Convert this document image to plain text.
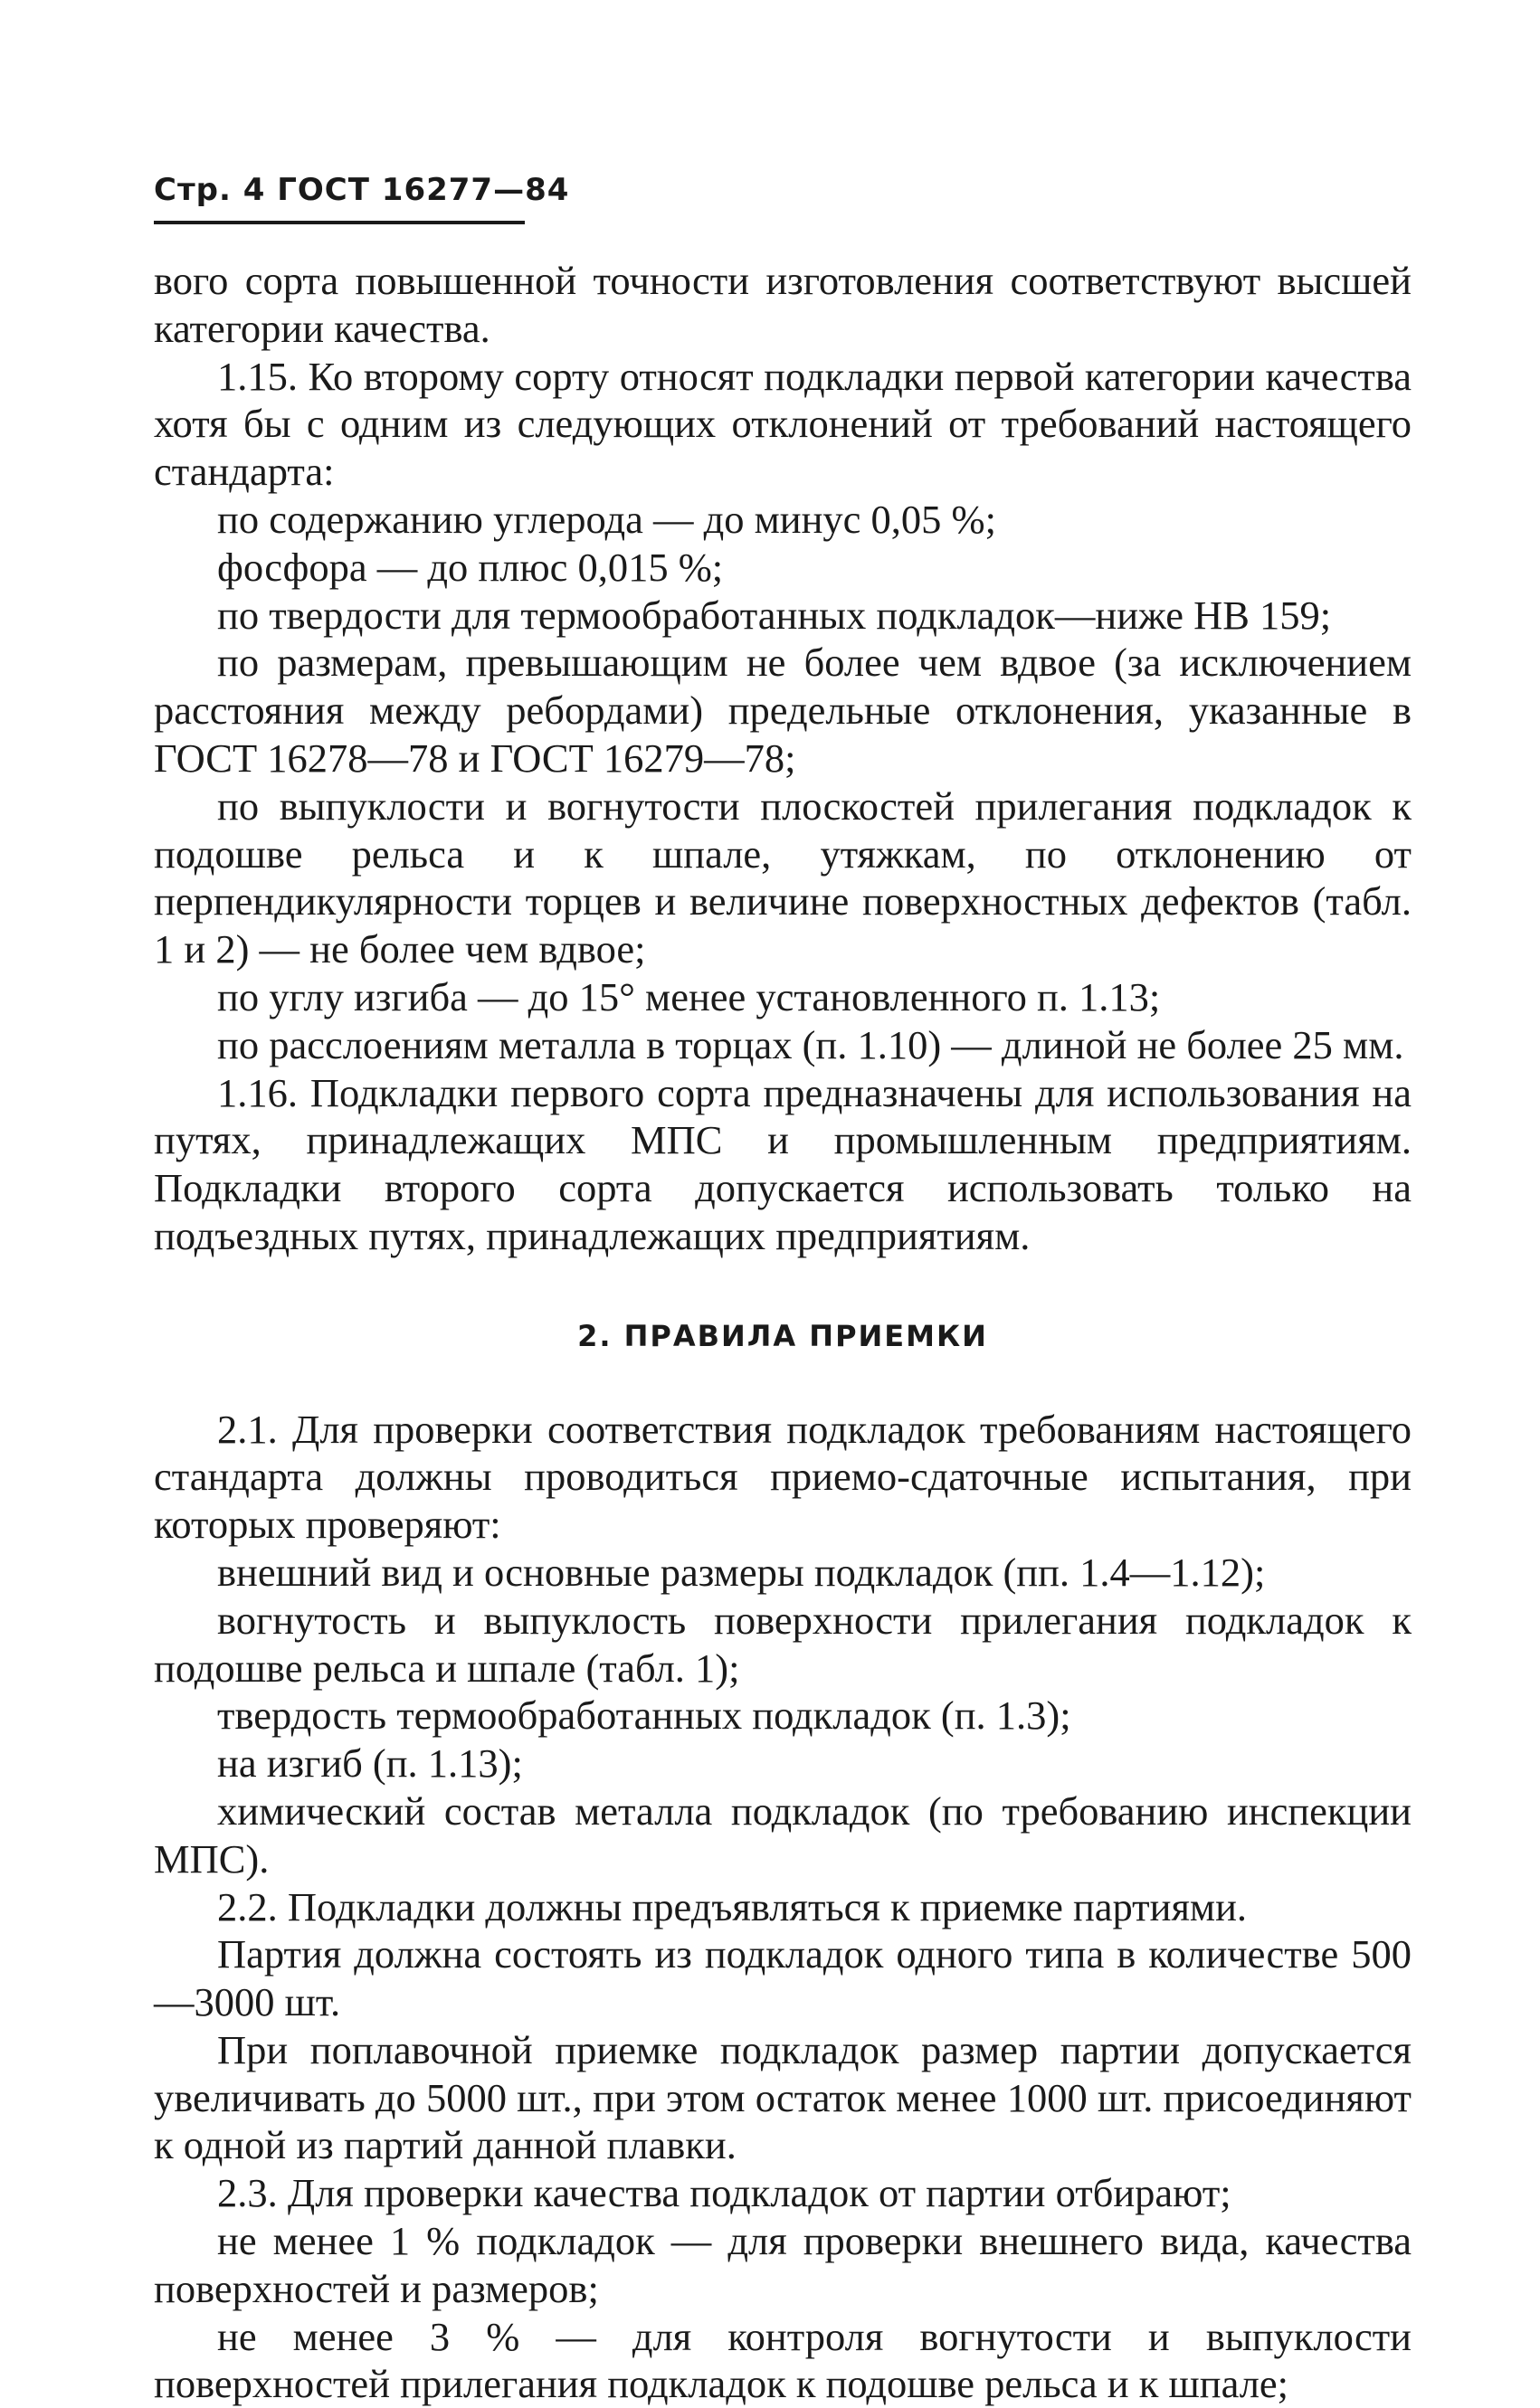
Стр. 4 ГОСТ 16277—84

вого сорта повышенной точности изготовления соответствуют высшей категории качества.

1.15. Ко второму сорту относят подкладки первой категории качества хотя бы с одним из следующих отклонений от требований настоящего стандарта:

по содержанию углерода — до минус 0,05 %;

фосфора — до плюс 0,015 %;

по твердости для термообработанных подкладок—ниже НВ 159;

по размерам, превышающим не более чем вдвое (за исключением расстояния между ребордами) предельные отклонения, указанные в ГОСТ 16278—78 и ГОСТ 16279—78;

по выпуклости и вогнутости плоскостей прилегания подкладок к подошве рельса и к шпале, утяжкам, по отклонению от перпендикулярности торцев и величине поверхностных дефектов (табл. 1 и 2) — не более чем вдвое;

по углу изгиба — до 15° менее установленного п. 1.13;

по расслоениям металла в торцах (п. 1.10) — длиной не более 25 мм.

1.16. Подкладки первого сорта предназначены для использования на путях, принадлежащих МПС и промышленным предприятиям. Подкладки второго сорта допускается использовать только на подъездных путях, принадлежащих предприятиям.

2. ПРАВИЛА ПРИЕМКИ

2.1. Для проверки соответствия подкладок требованиям настоящего стандарта должны проводиться приемо-сдаточные испытания, при которых проверяют:

внешний вид и основные размеры подкладок (пп. 1.4—1.12);

вогнутость и выпуклость поверхности прилегания подкладок к подошве рельса и шпале (табл. 1);

твердость термообработанных подкладок (п. 1.3);

на изгиб (п. 1.13);

химический состав металла подкладок (по требованию инспекции МПС).

2.2. Подкладки должны предъявляться к приемке партиями.

Партия должна состоять из подкладок одного типа в количестве 500—3000 шт.

При поплавочной приемке подкладок размер партии допускается увеличивать до 5000 шт., при этом остаток менее 1000 шт. присоединяют к одной из партий данной плавки.

2.3. Для проверки качества подкладок от партии отбирают;

не менее 1 % подкладок — для проверки внешнего вида, качества поверхностей и размеров;

не менее 3 % — для контроля вогнутости и выпуклости поверхностей прилегания подкладок к подошве рельса и к шпале;
